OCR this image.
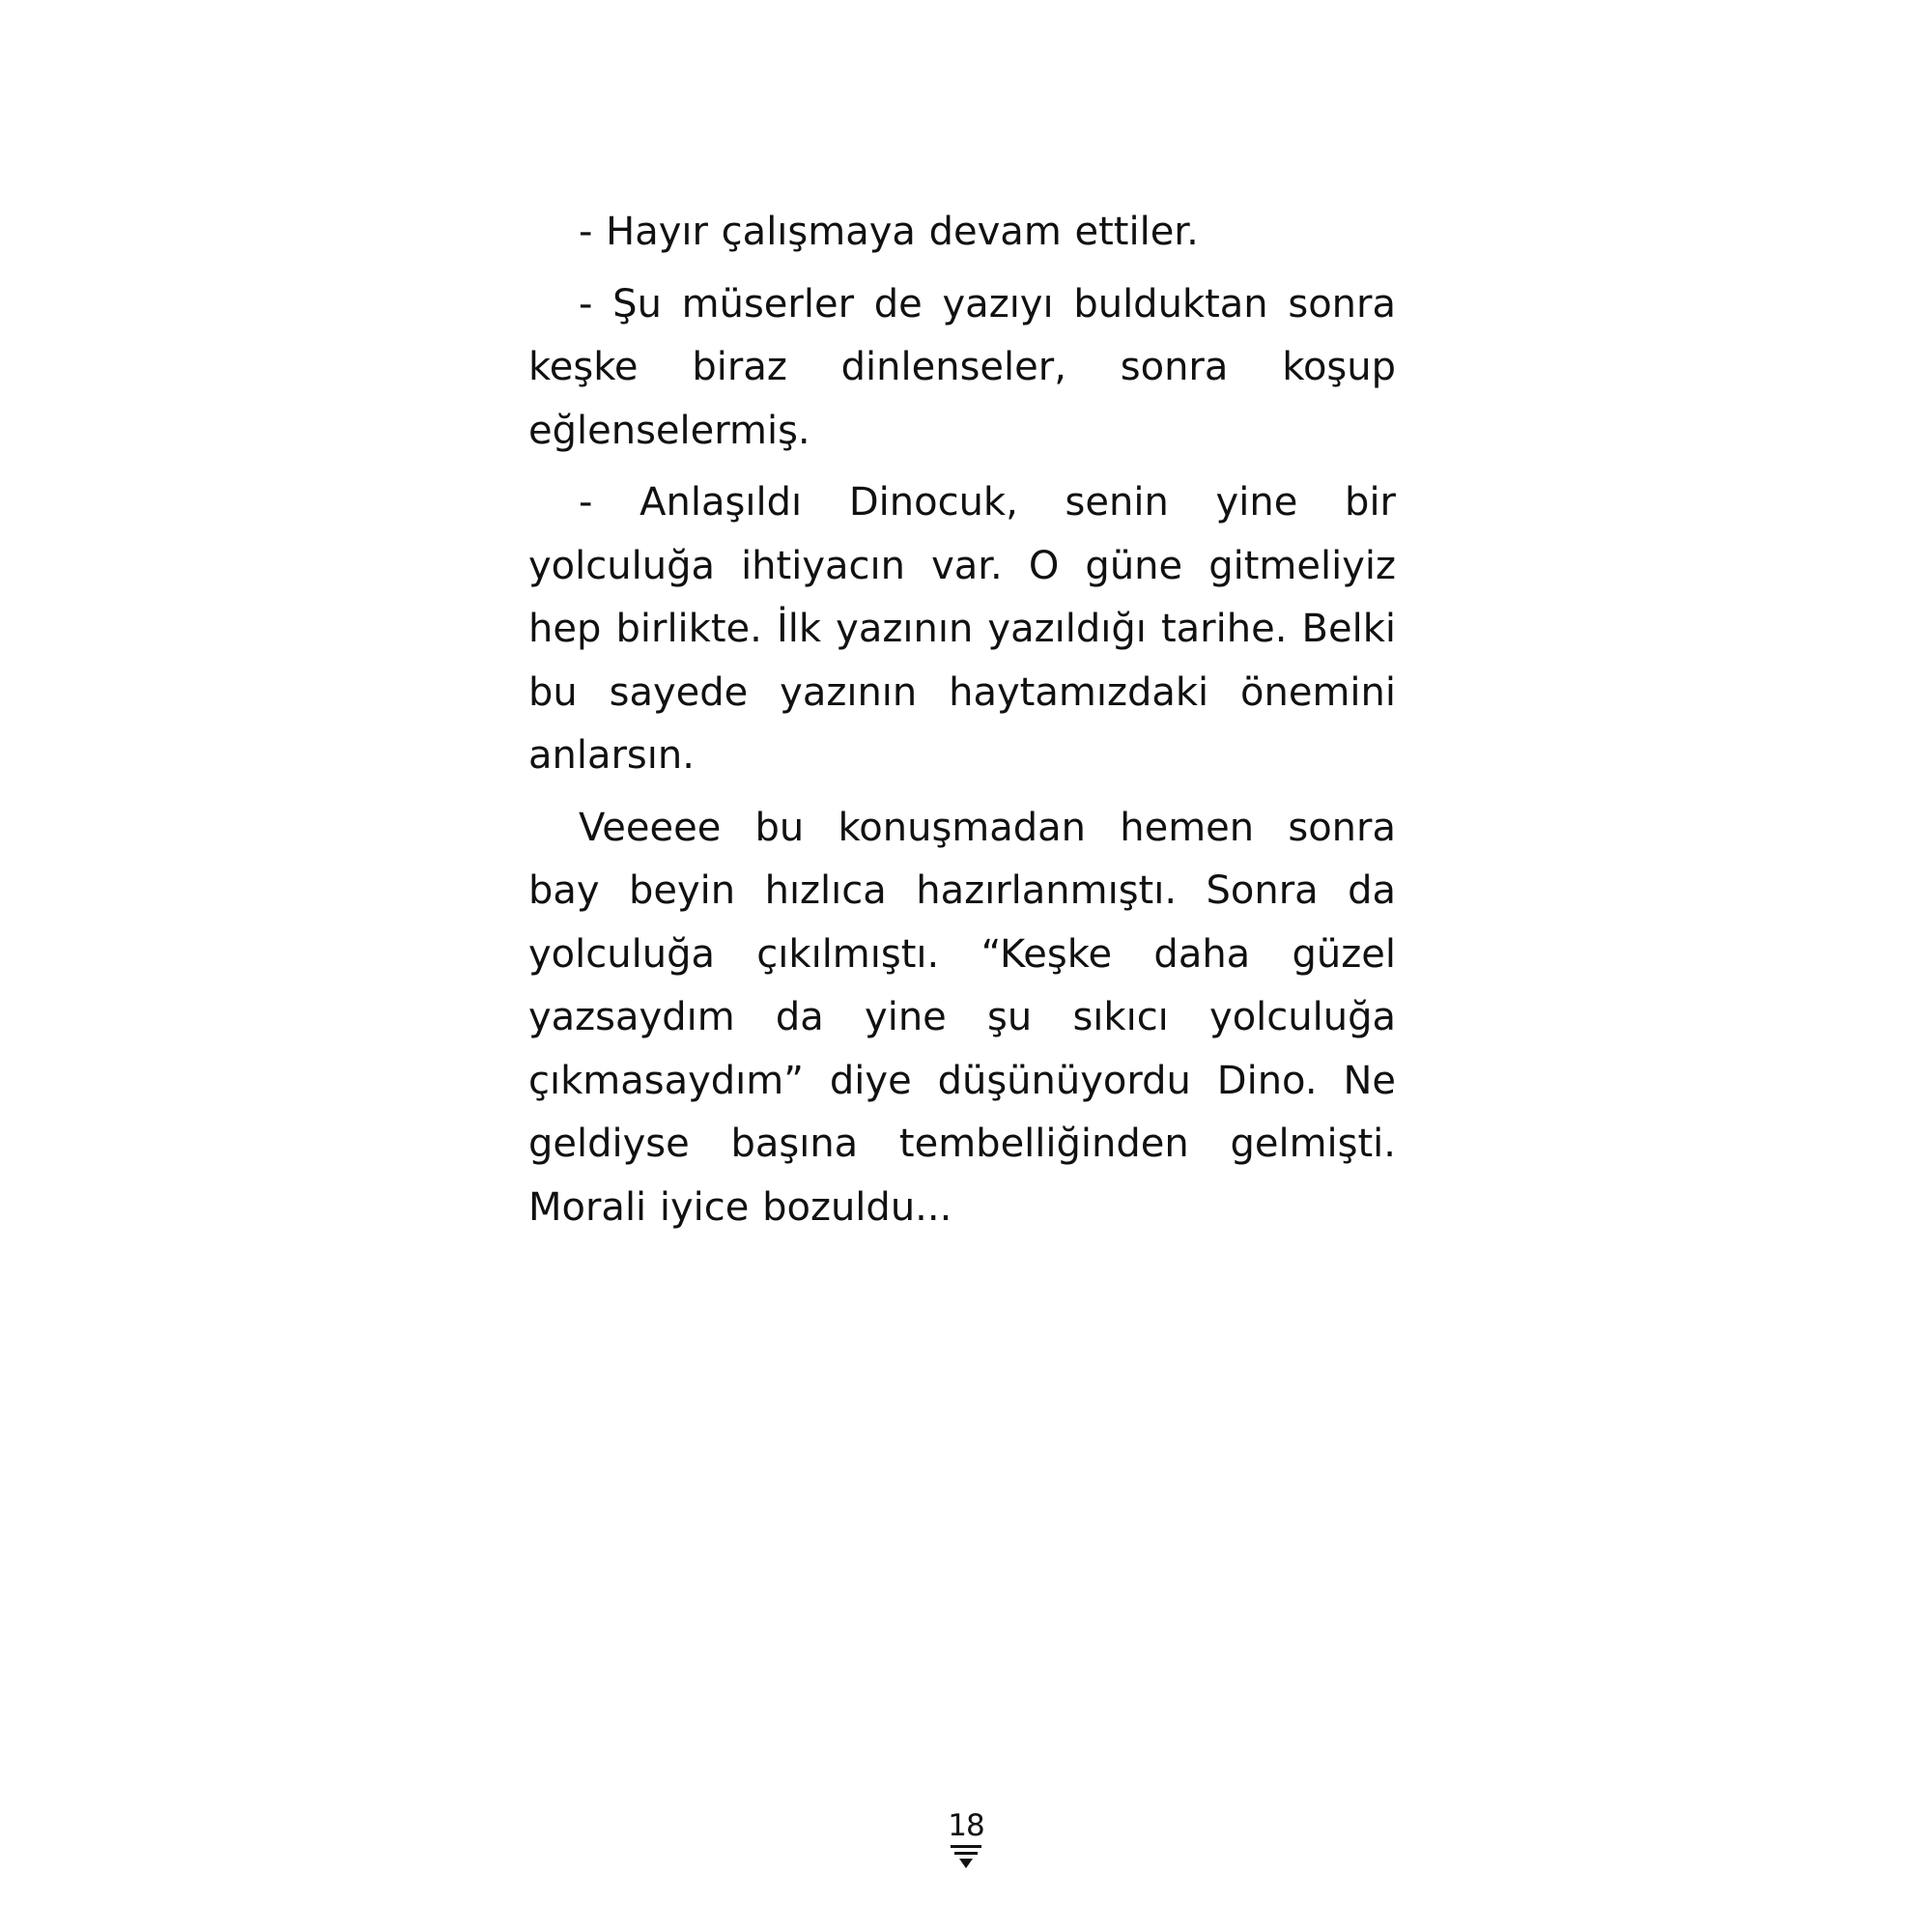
- Hayır çalışmaya devam ettiler.

- Şu müserler de yazıyı bulduktan sonra keşke biraz dinlenseler, sonra koşup eğlenselermiş.

- Anlaşıldı Dinocuk, senin yine bir yolculuğa ihtiyacın var. O güne gitmeliyiz hep birlikte. İlk yazının yazıldığı tarihe. Belki bu sayede yazının haytamızdaki önemini anlarsın.

Veeeee bu konuşmadan hemen sonra bay beyin hızlıca hazırlanmıştı. Sonra da yolculuğa çıkılmıştı. “Keşke daha güzel yazsaydım da yine şu sıkıcı yolculuğa çıkmasaydım” diye düşünüyordu Dino. Ne geldiyse başına tembelliğinden gelmişti. Morali iyice bozuldu...

18
